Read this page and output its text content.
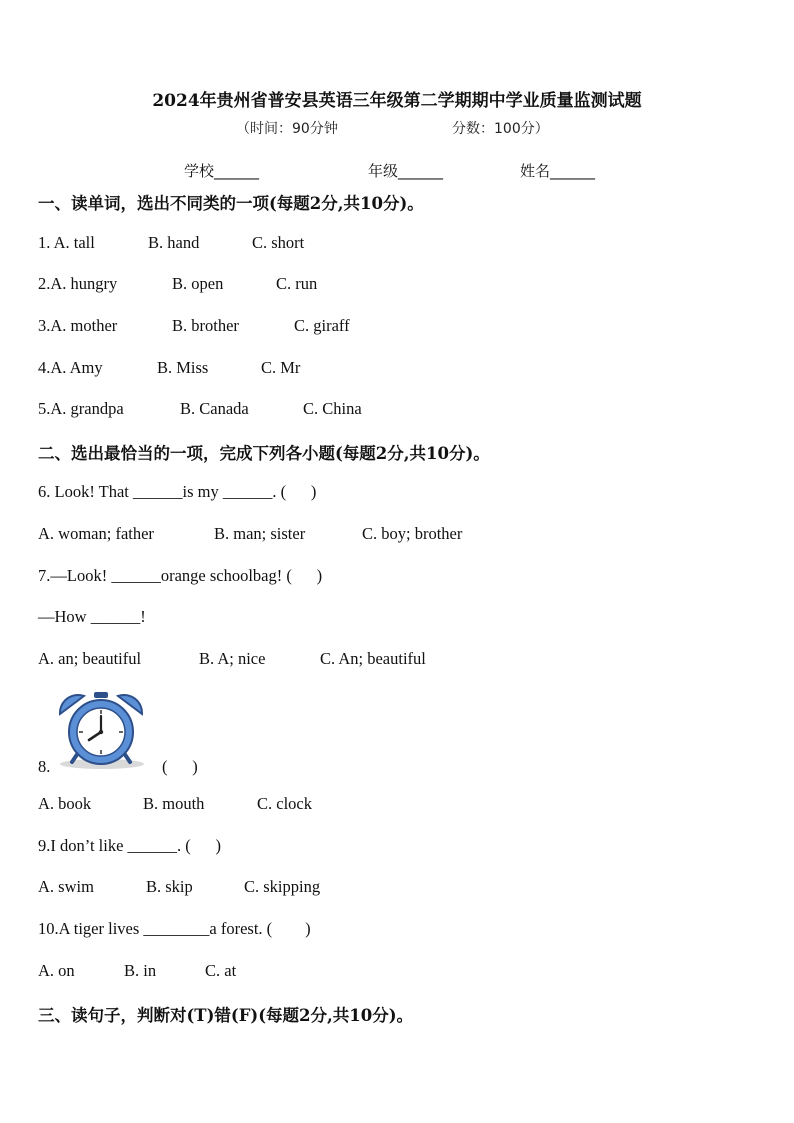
2024年贵州省普安县英语三年级第二学期期中学业质量监测试题
（时间：90分钟	分数：100分）
学校______	年级______	姓名______
一、读单词，选出不同类的一项(每题2分,共10分)。
1. A. tall	B. hand	C. short
2.A. hungry	B. open	C. run
3.A. mother	B. brother	C. giraff
4.A. Amy	B. Miss	C. Mr
5.A. grandpa	B. Canada	C. China
二、选出最恰当的一项，完成下列各小题(每题2分,共10分)。
6. Look! That ______is my ______. (      )
A. woman; father	B. man; sister	C. boy; brother
7.—Look! ______orange schoolbag! (      )
—How ______!
A. an; beautiful	B. A; nice	C. An; beautiful
8.	(      )
A. book	B. mouth	C. clock
9.I don’t like ______. (      )
A. swim	B. skip	C. skipping
10.A tiger lives ________a forest. (        )
A. on	B. in	C. at
三、读句子，判断对(T)错(F)(每题2分,共10分)。
